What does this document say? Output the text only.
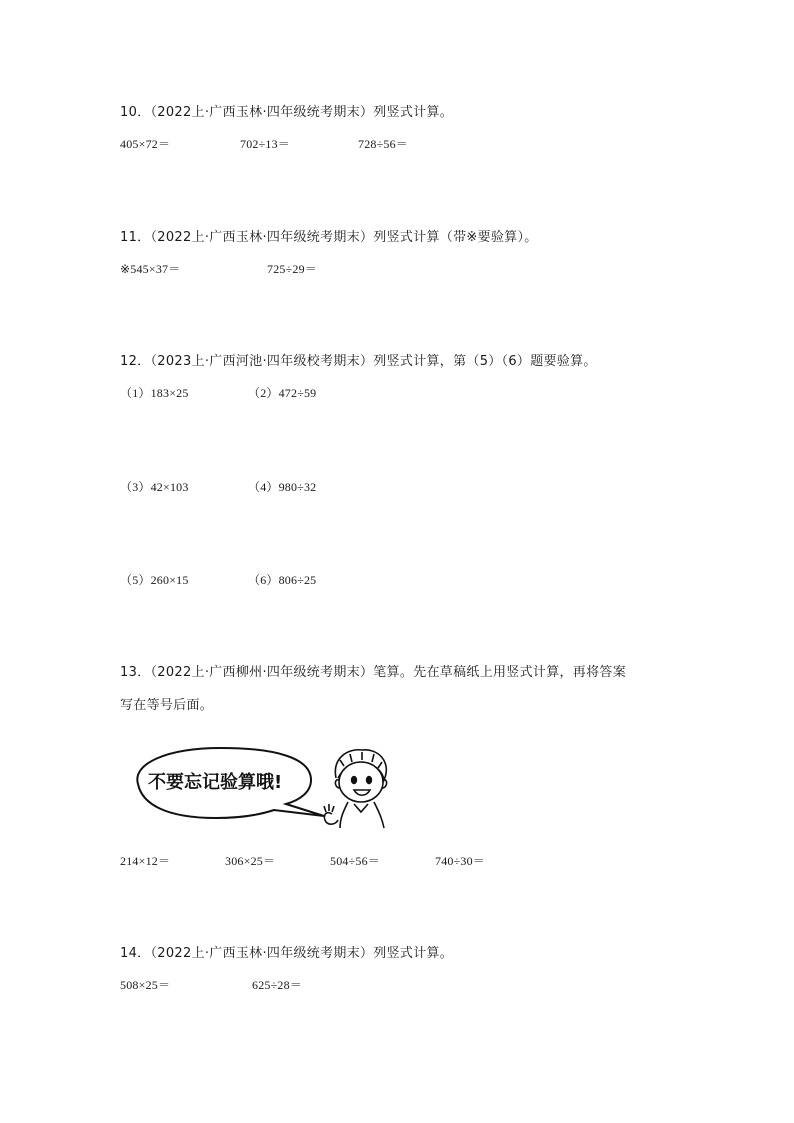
10．（2022上·广西玉林·四年级统考期末）列竖式计算。
405×72＝	702÷13＝	728÷56＝
11．（2022上·广西玉林·四年级统考期末）列竖式计算（带※要验算）。
※545×37＝	725÷29＝
12．（2023上·广西河池·四年级校考期末）列竖式计算，第（5）（6）题要验算。
（1）183×25	（2）472÷59
（3）42×103	（4）980÷32
（5）260×15	（6）806÷25
13．（2022上·广西柳州·四年级统考期末）笔算。先在草稿纸上用竖式计算，再将答案
写在等号后面。
不要忘记验算哦!
214×12＝	306×25＝	504÷56＝	740÷30＝
14．（2022上·广西玉林·四年级统考期末）列竖式计算。
508×25＝	625÷28＝
